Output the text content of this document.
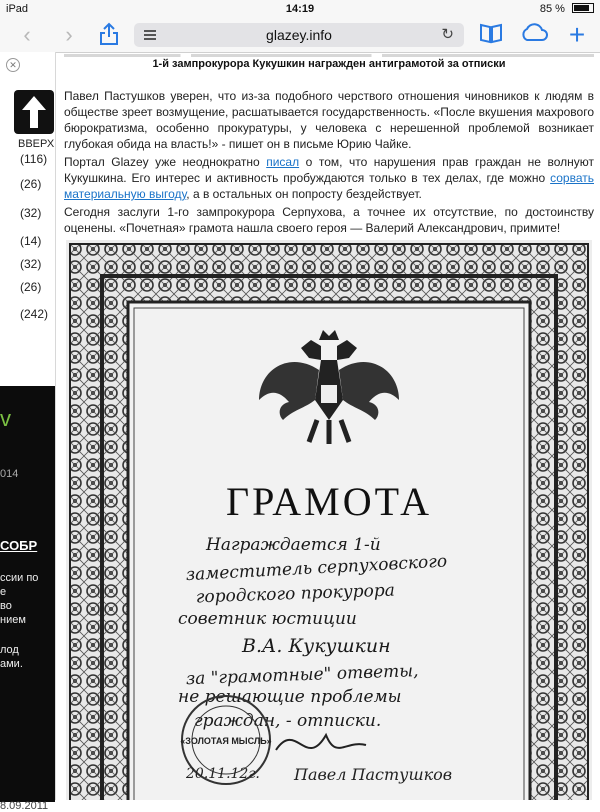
iPad	14:19	85 %
‹	›	glazey.info	↻	+
✕
ВВЕРХ
(116)
(26)
(32)
(14)
(32)
(26)
(242)
v
014
СОБР
ссии по
е
во
нием
лод
ами.
8.09.2011
1-й зампрокурора Кукушкин награжден антиграмотой за отписки
Павел Пастушков уверен, что из-за подобного черствого отношения чиновников к людям в обществе зреет возмущение, расшатывается государственность. «После вкушения махрового бюрократизма, особенно прокуратуры, у человека с нерешенной проблемой возникает глубокая обида на власть!» - пишет он в письме Юрию Чайке.
Портал Glazey уже неоднократно писал о том, что нарушения прав граждан не волнуют Кукушкина. Его интерес и активность пробуждаются только в тех делах, где можно сорвать материальную выгоду, а в остальных он попросту бездействует.
Сегодня заслуги 1-го зампрокурора Серпухова, а точнее их отсутствие, по достоинству оценены. «Почетная» грамота нашла своего героя — Валерий Александрович, примите!
ГРАМОТА
Награждается 1-й
заместитель серпуховского
городского прокурора
советник юстиции
В.А. Кукушкин
за "грамотные" ответы,
не решающие проблемы
граждан, - отписки.
«ЗОЛОТАЯ МЫСЛЬ»
20.11.12г. Павел Пастушков
